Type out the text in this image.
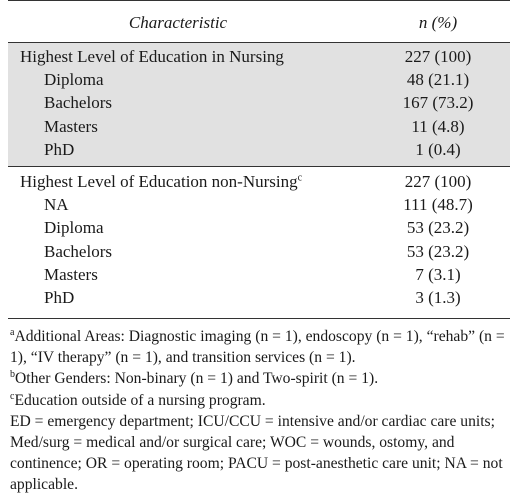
Characteristic	n (%)
Highest Level of Education in Nursing	227 (100)
Diploma	48 (21.1)
Bachelors	167 (73.2)
Masters	11 (4.8)
PhD	1 (0.4)
Highest Level of Education non-Nursing$^c$	227 (100)
NA	111 (48.7)
Diploma	53 (23.2)
Bachelors	53 (23.2)
Masters	7 (3.1)
PhD	3 (1.3)

$^a$Additional Areas: Diagnostic imaging (n = 1), endoscopy (n = 1), “rehab” (n = 1), “IV therapy” (n = 1), and transition services (n = 1).

$^b$Other Genders: Non-binary (n = 1) and Two-spirit (n = 1).

$^c$Education outside of a nursing program.

ED = emergency department; ICU/CCU = intensive and/or cardiac care units; Med/surg = medical and/or surgical care; WOC = wounds, ostomy, and continence; OR = operating room; PACU = post-anesthetic care unit; NA = not applicable.
